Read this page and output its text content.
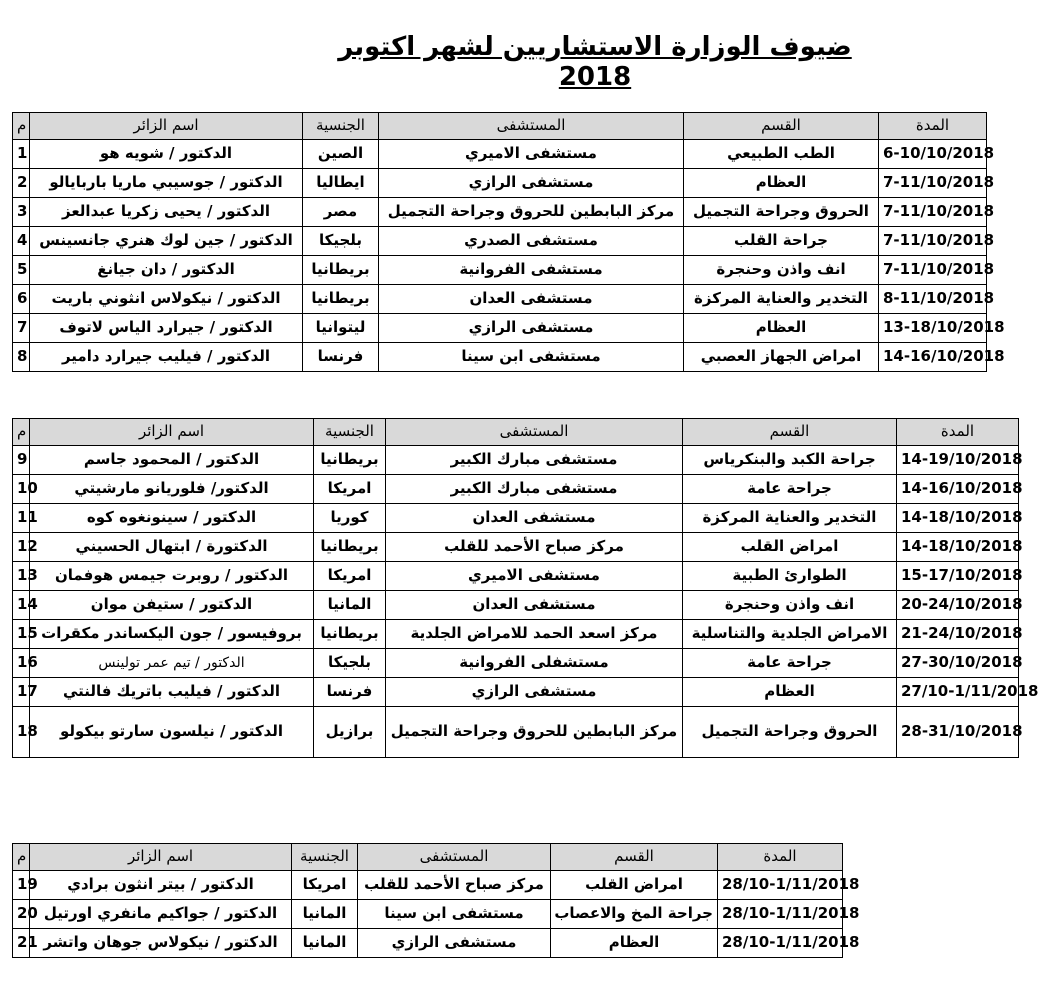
ضيوف الوزارة الاستشاريين لشهر اكتوبر 2018
م	اسم الزائر	الجنسية	المستشفى	القسم	المدة
1	الدكتور / شويه هو	الصين	مستشفى الاميري	الطب الطبيعي	6-10/10/2018
2	الدكتور / جوسيبي ماريا باربايالو	ايطاليا	مستشفى الرازي	العظام	7-11/10/2018
3	الدكتور / يحيى زكريا عبدالعز	مصر	مركز البابطين للحروق وجراحة التجميل	الحروق وجراحة التجميل	7-11/10/2018
4	الدكتور / جين لوك هنري جانسينس	بلجيكا	مستشفى الصدري	جراحة القلب	7-11/10/2018
5	الدكتور / دان جيانغ	بريطانيا	مستشفى الفروانية	انف واذن وحنجرة	7-11/10/2018
6	الدكتور / نيكولاس انثوني باريت	بريطانيا	مستشفى العدان	التخدير والعناية المركزة	8-11/10/2018
7	الدكتور / جيرارد الياس لاتوف	ليتوانيا	مستشفى الرازي	العظام	13-18/10/2018
8	الدكتور / فيليب جيرارد دامير	فرنسا	مستشفى ابن سينا	امراض الجهاز العصبي	14-16/10/2018
م	اسم الزائر	الجنسية	المستشفى	القسم	المدة
9	الدكتور / المحمود جاسم	بريطانيا	مستشفى مبارك الكبير	جراحة الكبد والبنكرياس	14-19/10/2018
10	الدكتور/ فلوريانو مارشيتي	امريكا	مستشفى مبارك الكبير	جراحة عامة	14-16/10/2018
11	الدكتور / سينونغوه كوه	كوريا	مستشفى العدان	التخدير والعناية المركزة	14-18/10/2018
12	الدكتورة / ابتهال الحسيني	بريطانيا	مركز صباح الأحمد للقلب	امراض القلب	14-18/10/2018
13	الدكتور / روبرت جيمس هوفمان	امريكا	مستشفى الاميري	الطوارئ الطبية	15-17/10/2018
14	الدكتور / ستيفن موان	المانيا	مستشفى العدان	انف واذن وحنجرة	20-24/10/2018
15	بروفيسور / جون اليكساندر مكقرات	بريطانيا	مركز اسعد الحمد للامراض الجلدية	الامراض الجلدية والتناسلية	21-24/10/2018
16	الدكتور / تيم عمر تولينس	بلجيكا	مستشفلى الفروانية	جراحة عامة	27-30/10/2018
17	الدكتور / فيليب باتريك فالنتي	فرنسا	مستشفى الرازي	العظام	27/10-1/11/2018
18	الدكتور / نيلسون سارتو بيكولو	برازيل	مركز البابطين للحروق وجراحة التجميل	الحروق وجراحة التجميل	28-31/10/2018
م	اسم الزائر	الجنسية	المستشفى	القسم	المدة
19	الدكتور / بيتر انثون برادي	امريكا	مركز صباح الأحمد للقلب	امراض القلب	28/10-1/11/2018
20	الدكتور / جواكيم مانفري اورتيل	المانيا	مستشفى ابن سينا	جراحة المخ والاعصاب	28/10-1/11/2018
21	الدكتور / نيكولاس جوهان واتشر	المانيا	مستشفى الرازي	العظام	28/10-1/11/2018
